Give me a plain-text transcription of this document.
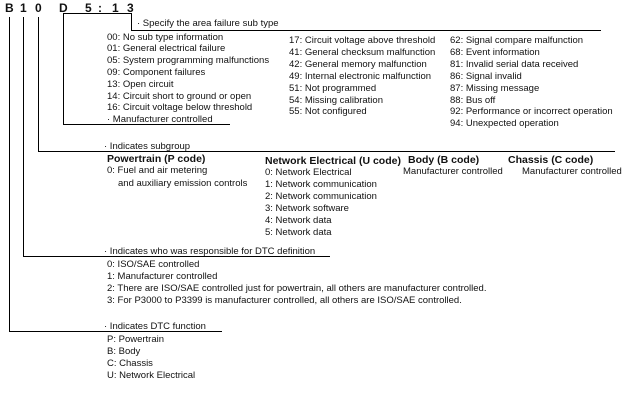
B 1 0 D 5 : 1 3
· Specify the area failure sub type
00: No sub type information
01: General electrical failure
05: System programming malfunctions
09: Component failures
13: Open circuit
14: Circuit short to ground or open
16: Circuit voltage below threshold
· Manufacturer controlled
17: Circuit voltage above threshold
41: General checksum malfunction
42: General memory malfunction
49: Internal electronic malfunction
51: Not programmed
54: Missing calibration
55: Not configured
62: Signal compare malfunction
68: Event information
81: Invalid serial data received
86: Signal invalid
87: Missing message
88: Bus off
92: Performance or incorrect operation
94: Unexpected operation
· Indicates subgroup
Powertrain (P code)
0: Fuel and air metering
and auxiliary emission controls
Network Electrical (U code)
0: Network Electrical
1: Network communication
2: Network communication
3: Network software
4: Network data
5: Network data
Body (B code)
Manufacturer controlled
Chassis (C code)
Manufacturer controlled
· Indicates who was responsible for DTC definition
0: ISO/SAE controlled
1: Manufacturer controlled
2: There are ISO/SAE controlled just for powertrain, all others are manufacturer controlled.
3: For P3000 to P3399 is manufacturer controlled, all others are ISO/SAE controlled.
· Indicates DTC function
P: Powertrain
B: Body
C: Chassis
U: Network Electrical
